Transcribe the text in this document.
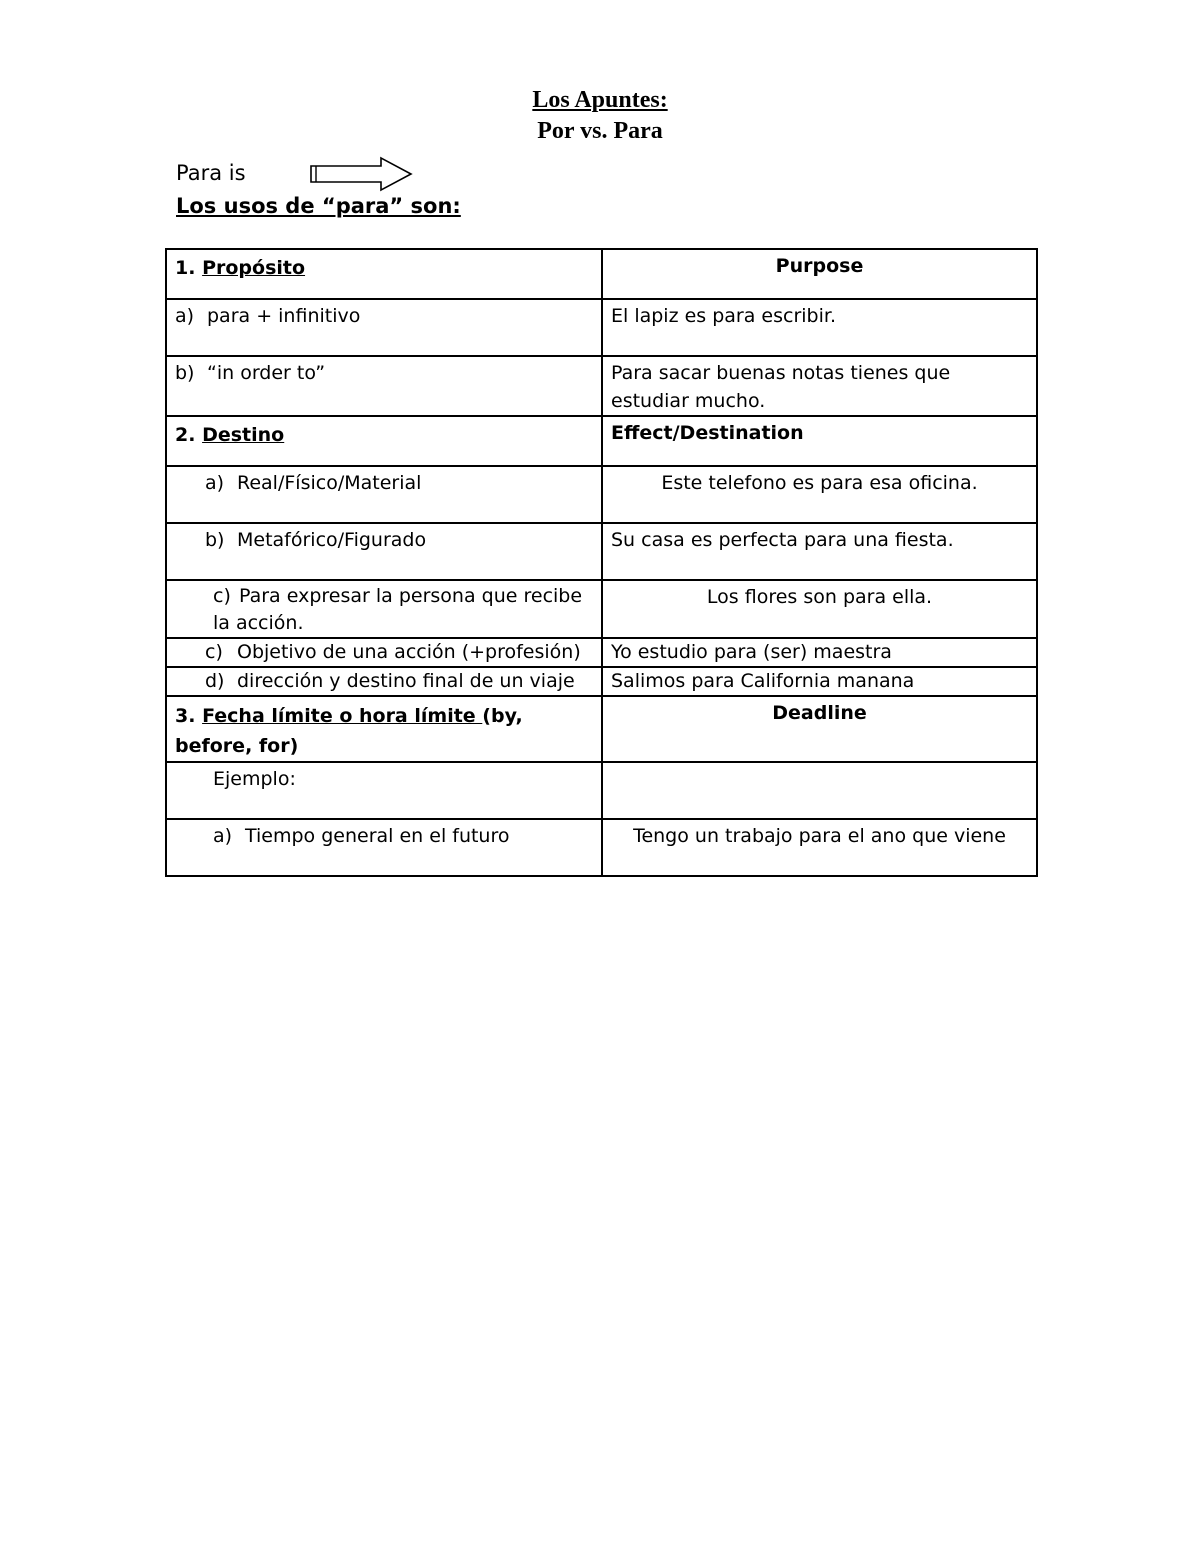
Los Apuntes:
Por vs. Para
Para is
Los usos de “para” son:
1. Propósito	Purpose
a) para + infinitivo	El lapiz es para escribir.
b) “in order to”	Para sacar buenas notas tienes que estudiar mucho.
2. Destino	Effect/Destination
a) Real/Físico/Material	Este telefono es para esa oficina.
b) Metafórico/Figurado	Su casa es perfecta para una fiesta.
c) Para expresar la persona que recibe la acción.	Los flores son para ella.
c) Objetivo de una acción (+profesión)	Yo estudio para (ser) maestra
d) dirección y destino final de un viaje	Salimos para California manana
3. Fecha límite o hora límite (by, before, for)	Deadline
Ejemplo:	
a) Tiempo general en el futuro	Tengo un trabajo para el ano que viene
